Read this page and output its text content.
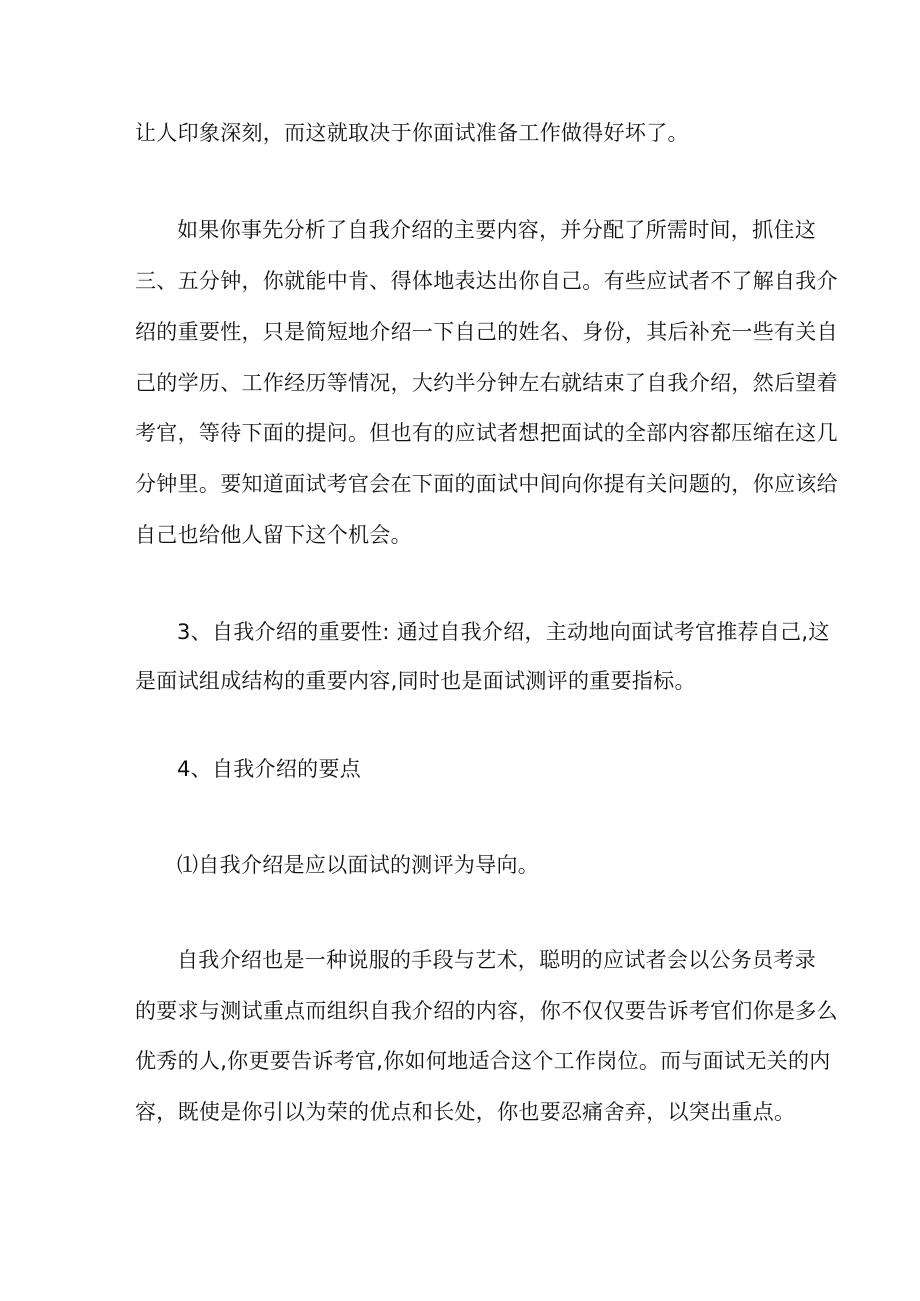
让人印象深刻，而这就取决于你面试准备工作做得好坏了。
如果你事先分析了自我介绍的主要内容，并分配了所需时间，抓住这
三、五分钟，你就能中肯、得体地表达出你自己。有些应试者不了解自我介
绍的重要性，只是简短地介绍一下自己的姓名、身份，其后补充一些有关自
己的学历、工作经历等情况，大约半分钟左右就结束了自我介绍，然后望着
考官，等待下面的提问。但也有的应试者想把面试的全部内容都压缩在这几
分钟里。要知道面试考官会在下面的面试中间向你提有关问题的，你应该给
自己也给他人留下这个机会。
3、自我介绍的重要性: 通过自我介绍，主动地向面试考官推荐自己,这
是面试组成结构的重要内容,同时也是面试测评的重要指标。
4、自我介绍的要点
⑴自我介绍是应以面试的测评为导向。
自我介绍也是一种说服的手段与艺术，聪明的应试者会以公务员考录
的要求与测试重点而组织自我介绍的内容，你不仅仅要告诉考官们你是多么
优秀的人,你更要告诉考官,你如何地适合这个工作岗位。而与面试无关的内
容，既使是你引以为荣的优点和长处，你也要忍痛舍弃，以突出重点。
